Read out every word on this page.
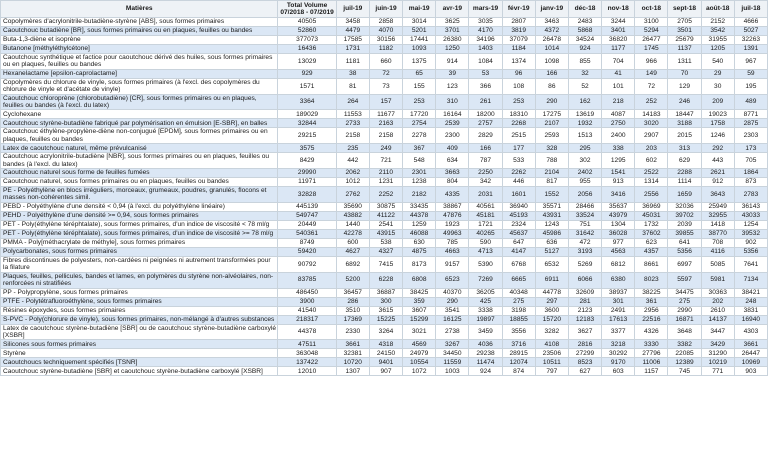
Matières	Total Volume 07/2018 - 07/2019	juil-19	juin-19	mai-19	avr-19	mars-19	févr-19	janv-19	déc-18	nov-18	oct-18	sept-18	août-18	juil-18
Copolymères d'acrylonitrile-butadiène-styrène [ABS], sous formes primaires	40505	3458	2858	3014	3625	3035	2807	3463	2483	3244	3100	2705	2152	4666
Caoutchouc butadiène [BR], sous formes primaires ou en plaques, feuilles ou bandes	52860	4479	4070	5201	3701	4170	3819	4372	5868	3401	5294	3501	3542	5027
Buta-1,3-diène et isoprène	377073	17585	30156	17441	26380	34196	37079	26478	34524	36820	26477	25679	31955	32263
Butanone [méthyléthylcétone]	16436	1731	1182	1093	1250	1403	1184	1014	924	1177	1745	1137	1205	1391
Caoutchouc synthétique et factice pour caoutchouc dérivé des huiles, sous formes primaires ou en plaques, feuilles ou bandes	13029	1181	660	1375	914	1084	1374	1098	855	704	966	1311	540	967
Hexanelactame [epsilon-caprolactame]	929	38	72	65	39	53	96	166	32	41	149	70	29	59
Copolymères du chlorure de vinyle, sous formes primaires (à l'excl. des copolymères du chlorure de vinyle et d'acétate de vinyle)	1571	81	73	155	123	366	108	86	52	101	72	129	30	195
Caoutchouc chloroprène (chlorobutadiène) [CR], sous formes primaires ou en plaques, feuilles ou bandes (à l'excl. du latex)	3364	264	157	253	310	261	253	290	162	218	252	246	209	489
Cyclohexane	189029	11553	11677	17720	16164	18200	18310	17275	13619	4087	14183	18447	19023	8771
Caoutchouc styrène-butadiène fabriqué par polymérisation en émulsion [E-SBR], en balles	32844	2733	2163	2754	2539	2757	2268	2107	1932	2750	3020	3188	1758	2875
Caoutchouc éthylène-propylène-diène non-conjugué [EPDM], sous formes primaires ou en plaques, feuilles ou bandes	29215	2158	2158	2278	2300	2829	2515	2593	1513	2400	2907	2015	1246	2303
Latex de caoutchouc naturel, même prévulcanisé	3575	235	249	367	409	166	177	328	295	338	203	313	292	173
Caoutchouc acrylonitrile-butadiène [NBR], sous formes primaires ou en plaques, feuilles ou bandes (à l'excl. du latex)	8429	442	721	548	634	787	533	788	302	1295	602	629	443	705
Caoutchouc naturel sous forme de feuilles fumées	29990	2062	2110	2301	3663	2250	2262	2104	2402	1541	2522	2288	2621	1864
Caoutchouc naturel, sous formes primaires ou en plaques, feuilles ou bandes	11971	1012	1231	1238	804	342	446	817	955	913	1314	1114	912	873
PE - Polyéthylène en blocs irréguliers, morceaux, grumeaux, poudres, granulés, flocons et masses non-cohérentes simil.	32828	2762	2252	2182	4335	2031	1601	1552	2056	3416	2556	1659	3643	2783
PEBD - Polyéthylène d'une densité < 0,94 (à l'excl. du polyéthylène linéaire)	445139	35690	30875	33435	38867	40561	36940	35571	28466	35637	36969	32036	25949	36143
PEHD - Polyéthylène d'une densité >= 0,94, sous formes primaires	549747	43882	41122	44378	47876	45181	45193	43931	33524	43979	45031	39702	32955	43033
PET - Poly(éthylène téréphtalate), sous formes primaires, d'un indice de viscosité < 78 ml/g	20449	1440	2541	1259	1923	1721	2324	1243	751	1304	1732	2039	1418	1254
PET - Poly(éthylène téréphtalate), sous formes primaires, d'un indice de viscosité >= 78 ml/g	540361	42278	43915	46088	49963	40265	45637	45986	31642	36028	37602	39855	38770	39532
PMMA - Poly[méthacrylate de méthyle], sous formes primaires	8749	600	538	630	785	590	647	636	472	977	623	641	708	902
Polycarbonates, sous formes primaires	59420	4627	4327	4875	4663	4713	4147	5127	3193	4563	4357	5356	4116	5356
Fibres discontinues de polyesters, non-cardées ni peignées ni autrement transformées pour la filature	90792	6892	7415	8173	9157	5390	6768	6532	5269	6812	8661	6997	5085	7641
Plaques, feuilles, pellicules, bandes et lames, en polymères du styrène non-alvéolaires, non-renforcées ni stratifiées	83785	5200	6228	6808	6523	7269	6665	6911	6066	6380	8023	5597	5981	7134
PP - Polypropylène, sous formes primaires	486450	36457	36887	38425	40370	36205	40348	44778	32609	38937	38225	34475	30363	38421
PTFE - Polytétrafluoroéthylène, sous formes primaires	3900	286	300	359	290	425	275	297	281	301	361	275	202	248
Résines époxydes, sous formes primaires	41540	3510	3615	3607	3541	3338	3198	3600	2123	2491	2956	2990	2610	3831
S-PVC - Poly(chlorure de vinyle), sous formes primaires, non-mélangé à d'autres substances	218317	17369	15225	15299	16125	19897	18855	15720	12183	17613	22516	16871	14137	16940
Latex de caoutchouc styrène-butadiène [SBR] ou de caoutchouc styrène-butadiène carboxylé [XSBR]	44378	2330	3264	3021	2738	3459	3556	3282	3627	3377	4326	3648	3447	4303
Silicones sous formes primaires	47511	3661	4318	4569	3267	4036	3716	4108	2816	3218	3330	3382	3429	3661
Styrène	363048	32381	24150	24979	34450	29238	28915	23506	27299	30292	27796	22085	31290	26447
Caoutchoucs techniquement spécifiés [TSNR]	137422	10720	9401	10554	11559	11474	12074	10511	8523	9170	11006	12389	10219	10969
Caoutchouc styrène-butadiène [SBR] et caoutchouc styrène-butadiène carboxylé [XSBR]	12010	1307	907	1072	1003	924	874	797	627	603	1157	745	771	903
